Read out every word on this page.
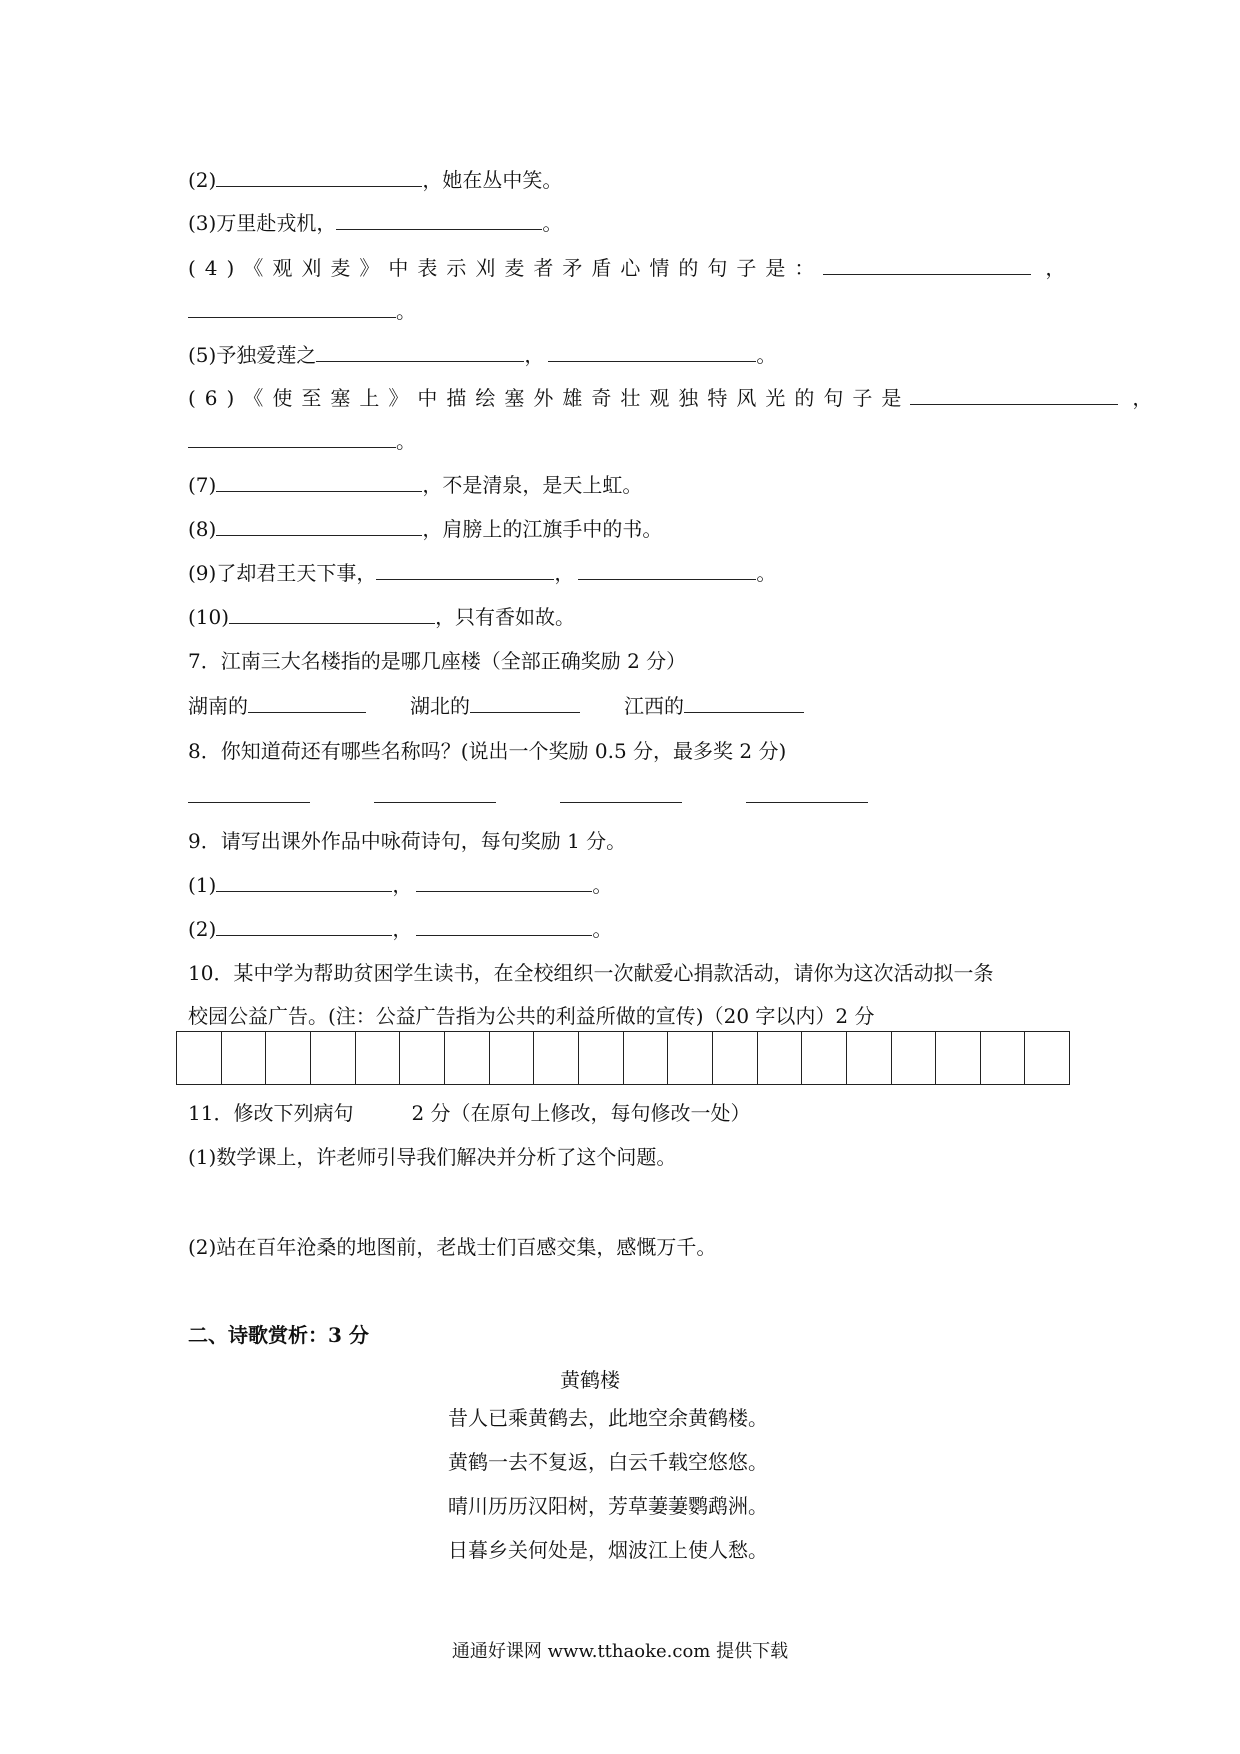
(2)	，她在丛中笑。
(3)万里赴戎机，	。
(4)《观刈麦》中表示刈麦者矛盾心情的句子是：	，
。
(5)予独爱莲之	，	。
(6)《使至塞上》中描绘塞外雄奇壮观独特风光的句子是	，
。
(7)	，不是清泉，是天上虹。
(8)	，肩膀上的江旗手中的书。
(9)了却君王天下事，	，	。
(10)	，只有香如故。
7．江南三大名楼指的是哪几座楼（全部正确奖励 2 分）
湖南的	湖北的	江西的
8．你知道荷还有哪些名称吗？(说出一个奖励 0.5 分，最多奖 2 分)
9．请写出课外作品中咏荷诗句，每句奖励 1 分。
(1)	，	。
(2)	，	。
10．某中学为帮助贫困学生读书，在全校组织一次献爱心捐款活动，请你为这次活动拟一条
校园公益广告。(注：公益广告指为公共的利益所做的宣传)（20 字以内）2 分
11．修改下列病句	2 分（在原句上修改，每句修改一处）
(1)数学课上，许老师引导我们解决并分析了这个问题。
(2)站在百年沧桑的地图前，老战士们百感交集，感慨万千。
二、诗歌赏析：3 分
黄鹤楼
昔人已乘黄鹤去，此地空余黄鹤楼。
黄鹤一去不复返，白云千载空悠悠。
晴川历历汉阳树，芳草萋萋鹦鹉洲。
日暮乡关何处是，烟波江上使人愁。
通通好课网 www.tthaoke.com 提供下载
